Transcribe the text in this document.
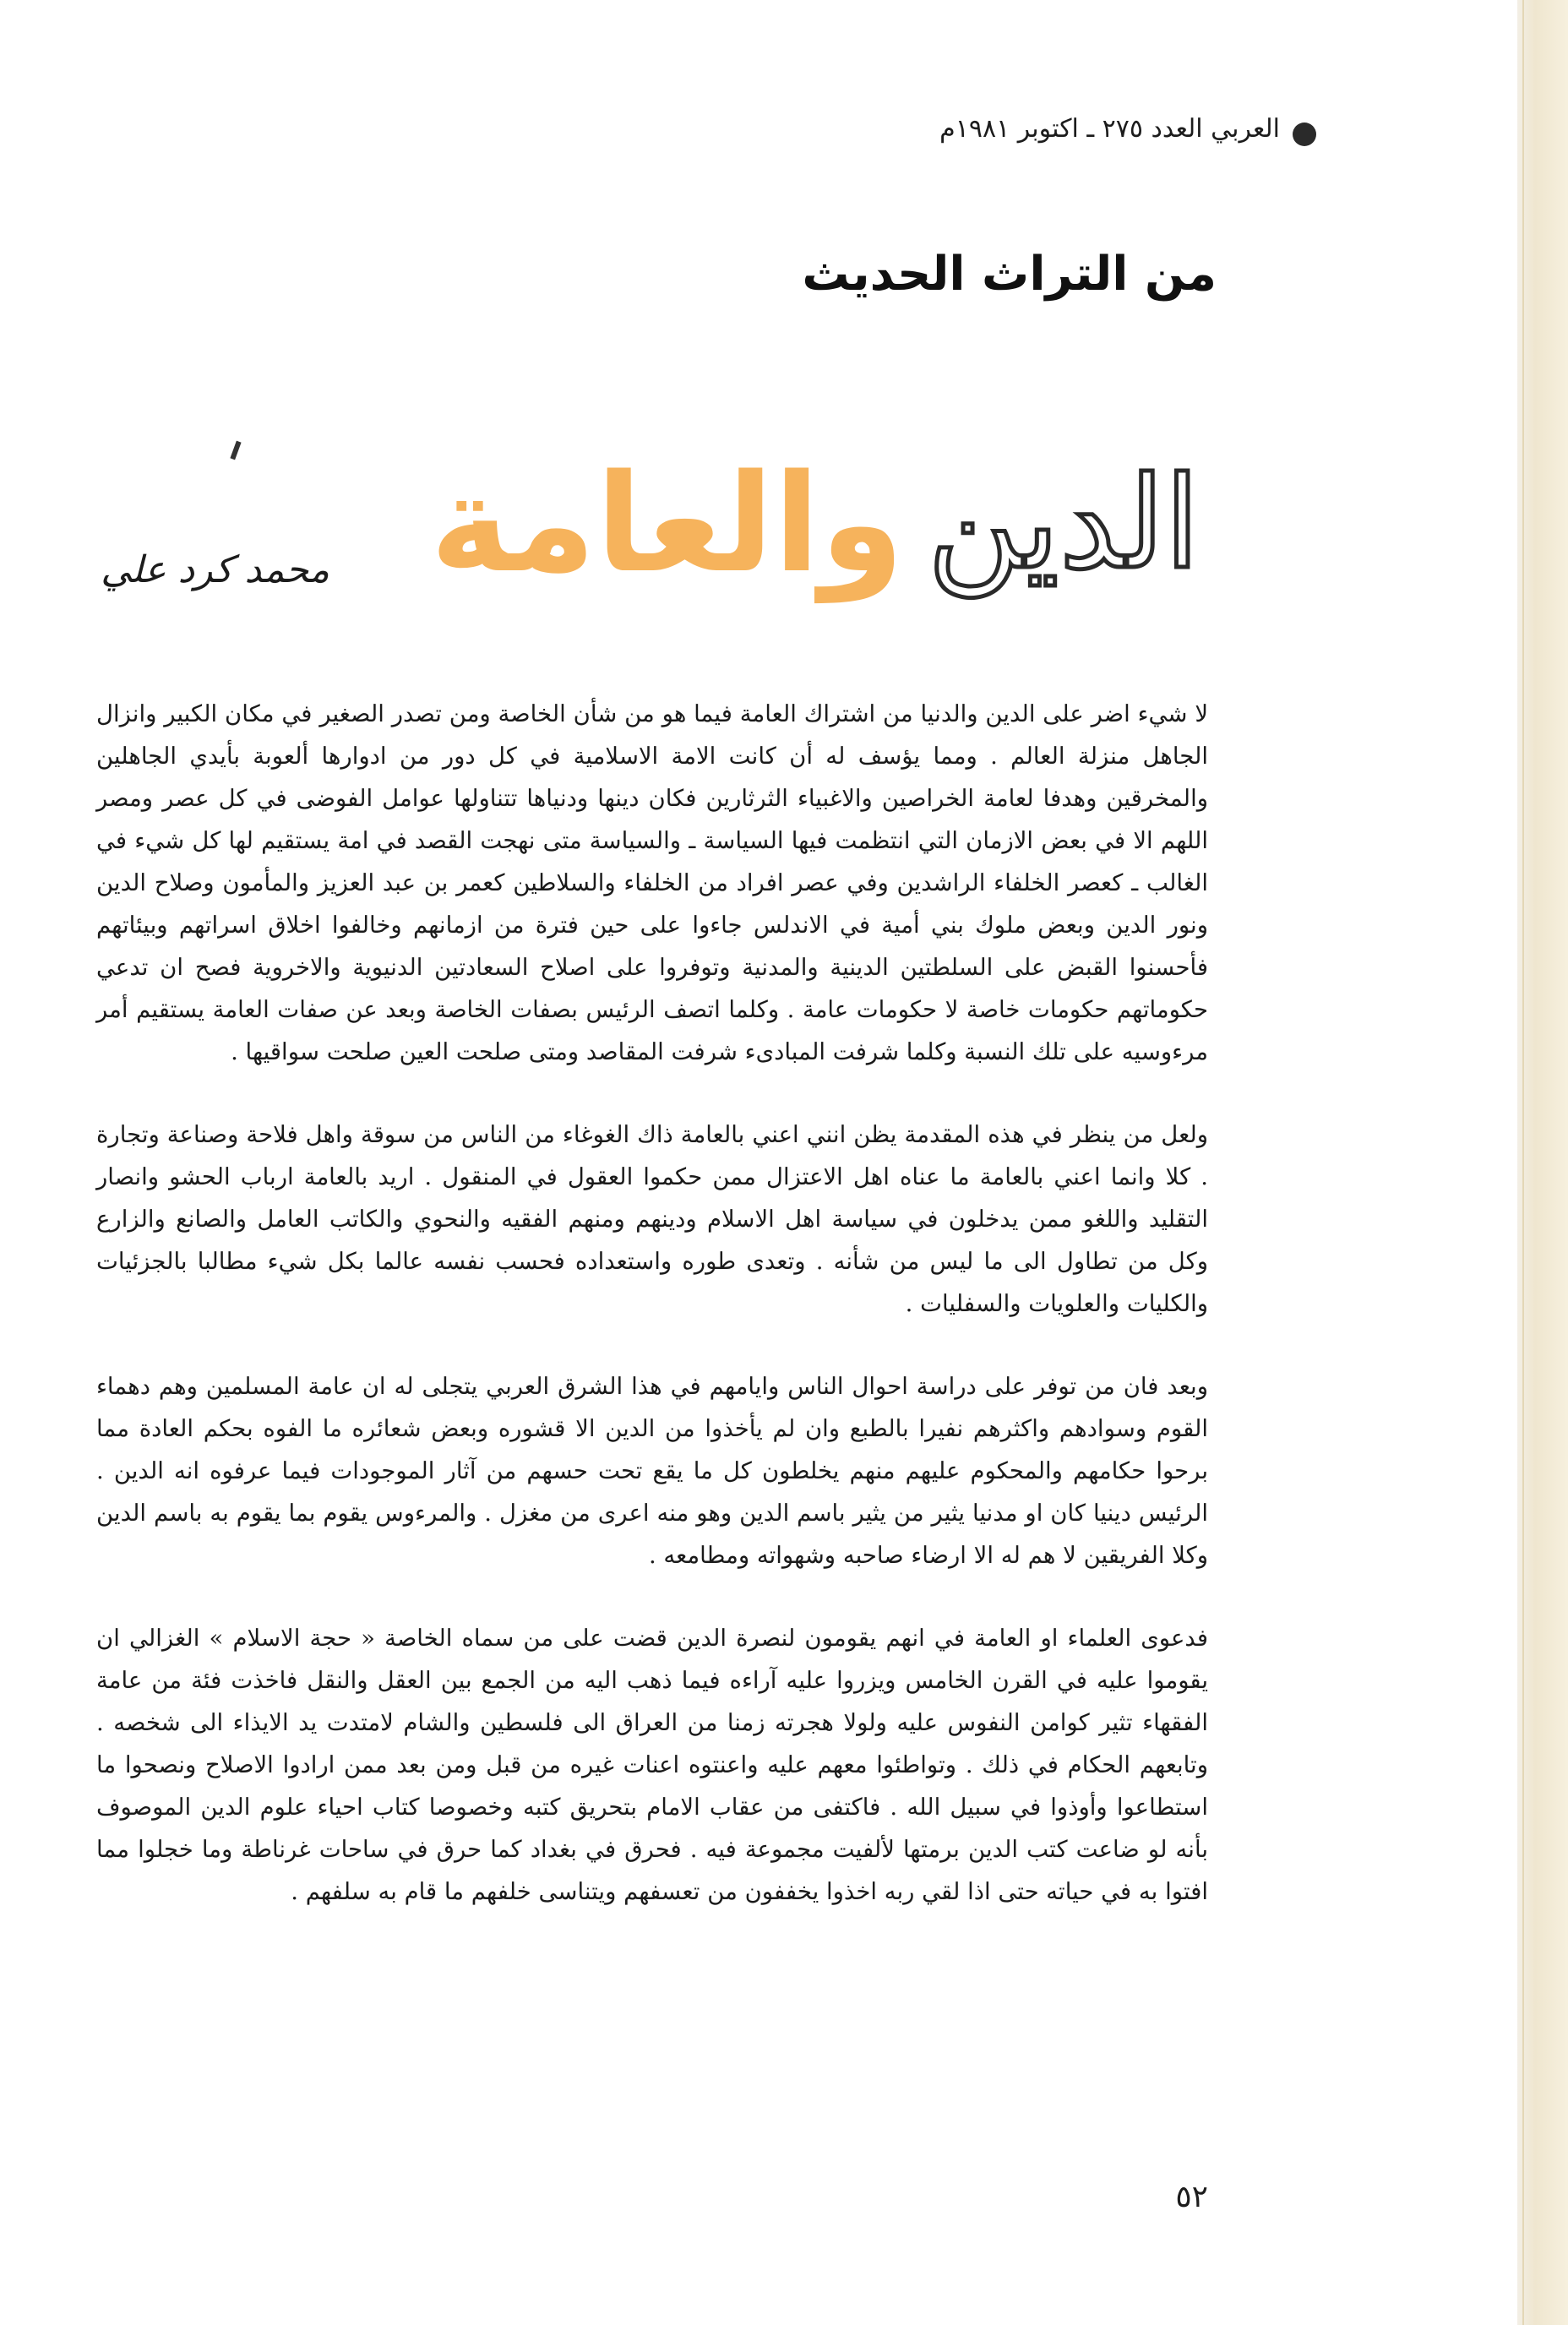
العربي العدد ٢٧٥ ـ اكتوبر ١٩٨١م
من التراث الحديث
الدين
والعامة
محمد كرد علي

لا شيء اضر على الدين والدنيا من اشتراك العامة فيما هو من شأن الخاصة ومن تصدر الصغير في مكان الكبير وانزال الجاهل منزلة العالم . ومما يؤسف له أن كانت الامة الاسلامية في كل دور من ادوارها ألعوبة بأيدي الجاهلين والمخرقين وهدفا لعامة الخراصين والاغبياء الثرثارين فكان دينها ودنياها تتناولها عوامل الفوضى في كل عصر ومصر اللهم الا في بعض الازمان التي انتظمت فيها السياسة ـ والسياسة متى نهجت القصد في امة يستقيم لها كل شيء في الغالب ـ كعصر الخلفاء الراشدين وفي عصر افراد من الخلفاء والسلاطين كعمر بن عبد العزيز والمأمون وصلاح الدين ونور الدين وبعض ملوك بني أمية في الاندلس جاءوا على حين فترة من ازمانهم وخالفوا اخلاق اسراتهم وبيئاتهم فأحسنوا القبض على السلطتين الدينية والمدنية وتوفروا على اصلاح السعادتين الدنيوية والاخروية فصح ان تدعي حكوماتهم حكومات خاصة لا حكومات عامة . وكلما اتصف الرئيس بصفات الخاصة وبعد عن صفات العامة يستقيم أمر مرءوسيه على تلك النسبة وكلما شرفت المبادىء شرفت المقاصد ومتى صلحت العين صلحت سواقيها .

ولعل من ينظر في هذه المقدمة يظن انني اعني بالعامة ذاك الغوغاء من الناس من سوقة واهل فلاحة وصناعة وتجارة . كلا وانما اعني بالعامة ما عناه اهل الاعتزال ممن حكموا العقول في المنقول . اريد بالعامة ارباب الحشو وانصار التقليد واللغو ممن يدخلون في سياسة اهل الاسلام ودينهم ومنهم الفقيه والنحوي والكاتب العامل والصانع والزارع وكل من تطاول الى ما ليس من شأنه . وتعدى طوره واستعداده فحسب نفسه عالما بكل شيء مطالبا بالجزئيات والكليات والعلويات والسفليات .

وبعد فان من توفر على دراسة احوال الناس وايامهم في هذا الشرق العربي يتجلى له ان عامة المسلمين وهم دهماء القوم وسوادهم واكثرهم نفيرا بالطبع وان لم يأخذوا من الدين الا قشوره وبعض شعائره ما الفوه بحكم العادة مما برحوا حكامهم والمحكوم عليهم منهم يخلطون كل ما يقع تحت حسهم من آثار الموجودات فيما عرفوه انه الدين . الرئيس دينيا كان او مدنيا يثير من يثير باسم الدين وهو منه اعرى من مغزل . والمرءوس يقوم بما يقوم به باسم الدين وكلا الفريقين لا هم له الا ارضاء صاحبه وشهواته ومطامعه .

فدعوى العلماء او العامة في انهم يقومون لنصرة الدين قضت على من سماه الخاصة « حجة الاسلام » الغزالي ان يقوموا عليه في القرن الخامس ويزروا عليه آراءه فيما ذهب اليه من الجمع بين العقل والنقل فاخذت فئة من عامة الفقهاء تثير كوامن النفوس عليه ولولا هجرته زمنا من العراق الى فلسطين والشام لامتدت يد الايذاء الى شخصه . وتابعهم الحكام في ذلك . وتواطئوا معهم عليه واعنتوه اعنات غيره من قبل ومن بعد ممن ارادوا الاصلاح ونصحوا ما استطاعوا وأوذوا في سبيل الله . فاكتفى من عقاب الامام بتحريق كتبه وخصوصا كتاب احياء علوم الدين الموصوف بأنه لو ضاعت كتب الدين برمتها لألفيت مجموعة فيه . فحرق في بغداد كما حرق في ساحات غرناطة وما خجلوا مما افتوا به في حياته حتى اذا لقي ربه اخذوا يخففون من تعسفهم ويتناسى خلفهم ما قام به سلفهم .

٥٢
